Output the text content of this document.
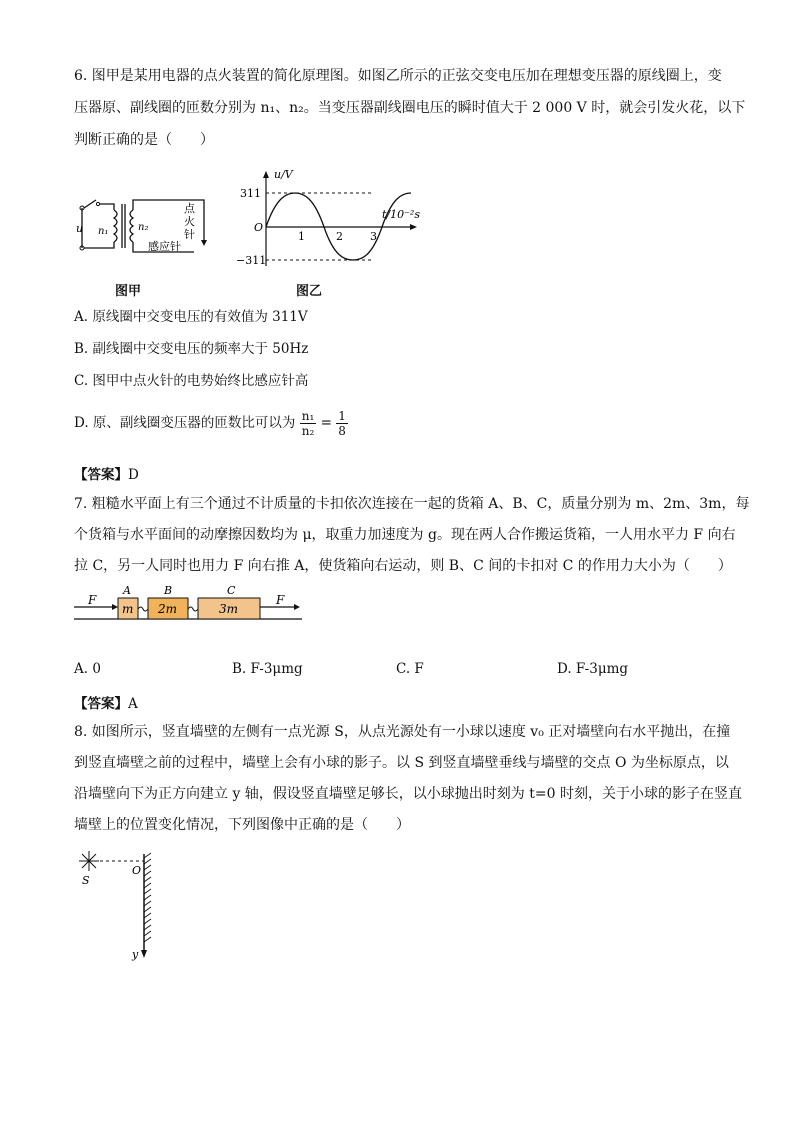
6. 图甲是某用电器的点火装置的简化原理图。如图乙所示的正弦交变电压加在理想变压器的原线圈上，变
压器原、副线圈的匝数分别为 n₁、n₂。当变压器副线圈电压的瞬时值大于 2 000 V 时，就会引发火花，以下
判断正确的是（　　）
u n₁	n₂
点
火
针
感应针
图甲
u/V
t/10⁻²s
O
311
−311
1	2 3
图乙
A. 原线圈中交变电压的有效值为 311V
B. 副线圈中交变电压的频率大于 50Hz
C. 图甲中点火针的电势始终比感应针高
D. 原、副线圈变压器的匝数比可以为 $\frac{\text{n₁}}{\text{n₂}} = \frac{1}{8}$
【答案】D
7. 粗糙水平面上有三个通过不计质量的卡扣依次连接在一起的货箱 A、B、C，质量分别为 m、2m、3m，每
个货箱与水平面间的动摩擦因数均为 μ，取重力加速度为 g。现在两人合作搬运货箱，一人用水平力 F 向右
拉 C，另一人同时也用力 F 向右推 A，使货箱向右运动，则 B、C 间的卡扣对 C 的作用力大小为（　　）
F
m
A
2m
B
3m
C
F
A. 0	B. F-3μmg	C. F	D. F-3μmg
【答案】A
8. 如图所示，竖直墙壁的左侧有一点光源 S，从点光源处有一小球以速度 v₀ 正对墙壁向右水平抛出，在撞
到竖直墙壁之前的过程中，墙壁上会有小球的影子。以 S 到竖直墙壁垂线与墙壁的交点 O 为坐标原点，以
沿墙壁向下为正方向建立 y 轴，假设竖直墙壁足够长，以小球抛出时刻为 t=0 时刻，关于小球的影子在竖直
墙壁上的位置变化情况，下列图像中正确的是（　　）
S
O
y
